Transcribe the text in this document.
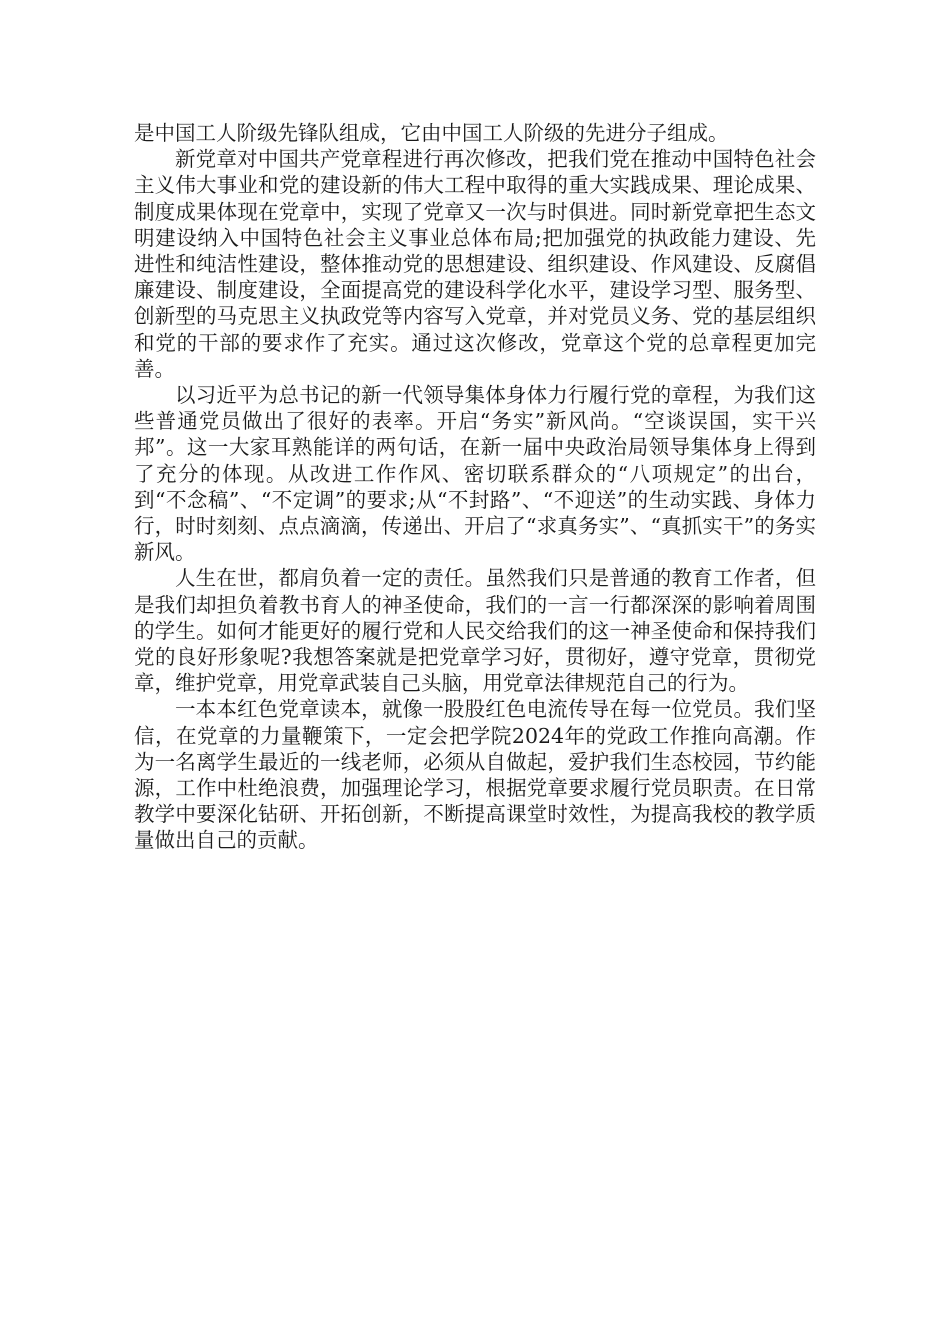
是中国工人阶级先锋队组成，它由中国工人阶级的先进分子组成。

新党章对中国共产党章程进行再次修改，把我们党在推动中国特色社会主义伟大事业和党的建设新的伟大工程中取得的重大实践成果、理论成果、制度成果体现在党章中，实现了党章又一次与时俱进。同时新党章把生态文明建设纳入中国特色社会主义事业总体布局;把加强党的执政能力建设、先进性和纯洁性建设，整体推动党的思想建设、组织建设、作风建设、反腐倡廉建设、制度建设，全面提高党的建设科学化水平，建设学习型、服务型、创新型的马克思主义执政党等内容写入党章，并对党员义务、党的基层组织和党的干部的要求作了充实。通过这次修改，党章这个党的总章程更加完善。

以习近平为总书记的新一代领导集体身体力行履行党的章程，为我们这些普通党员做出了很好的表率。开启“务实”新风尚。“空谈误国，实干兴邦”。这一大家耳熟能详的两句话，在新一届中央政治局领导集体身上得到了充分的体现。从改进工作作风、密切联系群众的“八项规定”的出台，到“不念稿”、“不定调”的要求;从“不封路”、“不迎送”的生动实践、身体力行，时时刻刻、点点滴滴，传递出、开启了“求真务实”、“真抓实干”的务实新风。

人生在世，都肩负着一定的责任。虽然我们只是普通的教育工作者，但是我们却担负着教书育人的神圣使命，我们的一言一行都深深的影响着周围的学生。如何才能更好的履行党和人民交给我们的这一神圣使命和保持我们党的良好形象呢?我想答案就是把党章学习好，贯彻好，遵守党章，贯彻党章，维护党章，用党章武装自己头脑，用党章法律规范自己的行为。

一本本红色党章读本，就像一股股红色电流传导在每一位党员。我们坚信，在党章的力量鞭策下，一定会把学院2024年的党政工作推向高潮。作为一名离学生最近的一线老师，必须从自做起，爱护我们生态校园，节约能源，工作中杜绝浪费，加强理论学习，根据党章要求履行党员职责。在日常教学中要深化钻研、开拓创新，不断提高课堂时效性，为提高我校的教学质量做出自己的贡献。
